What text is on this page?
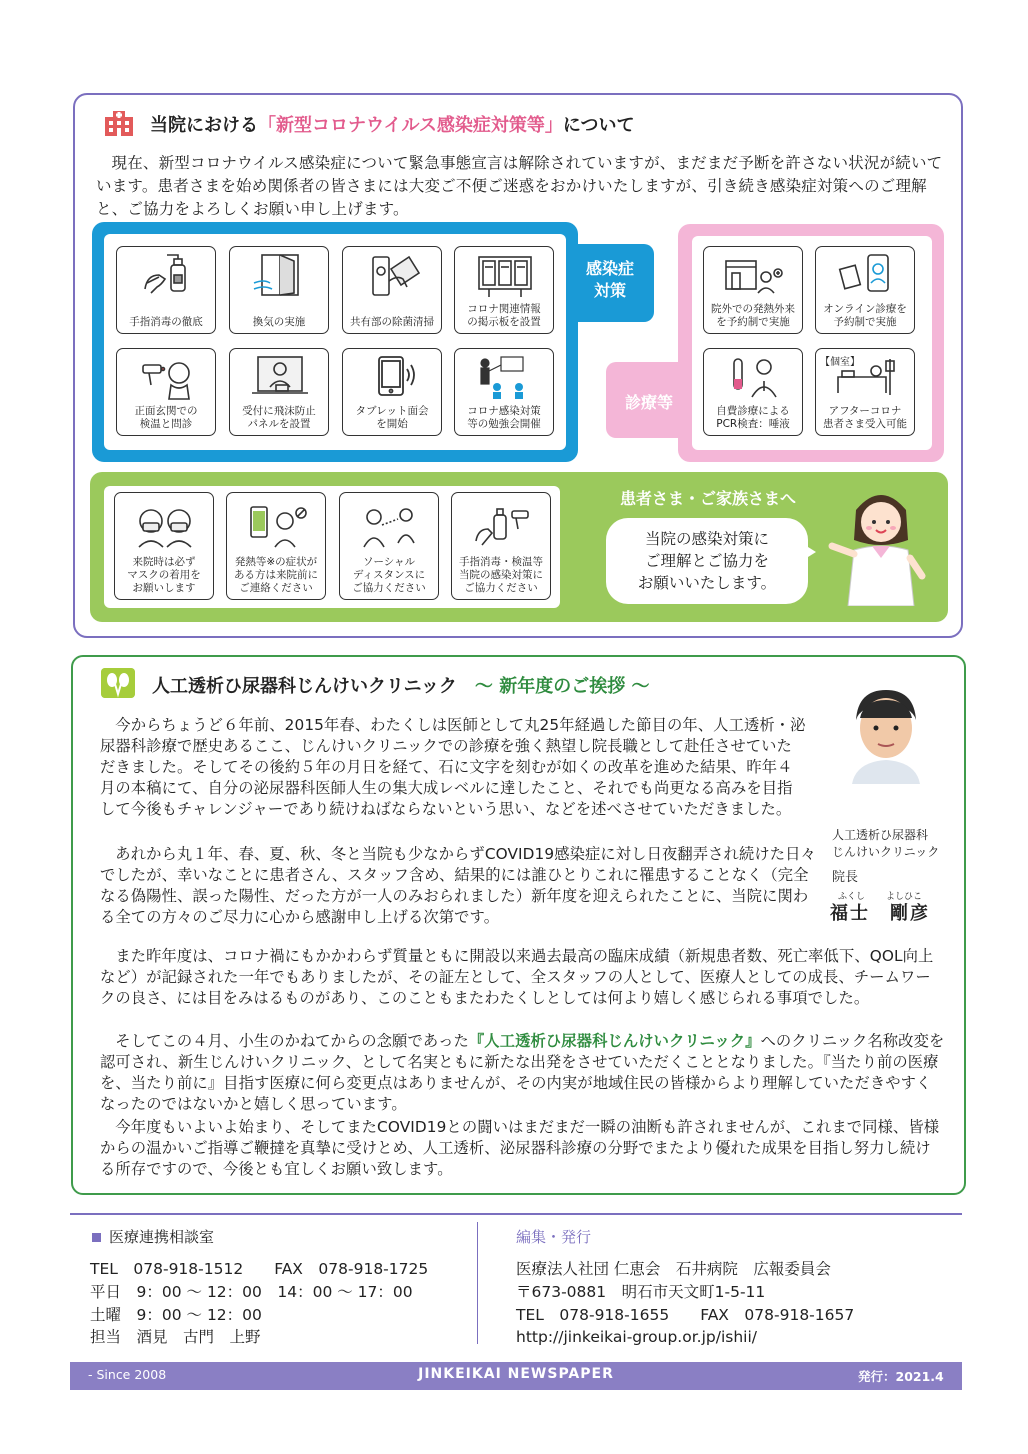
当院における「新型コロナウイルス感染症対策等」について
現在、新型コロナウイルス感染症について緊急事態宣言は解除されていますが、まだまだ予断を許さない状況が続いています。患者さまを始め関係者の皆さまには大変ご不便ご迷惑をおかけいたしますが、引き続き感染症対策へのご理解と、ご協力をよろしくお願い申し上げます。
感染症
対策
手指消毒の徹底	換気の実施	共有部の除菌清掃
コロナ関連情報
の掲示板を設置
正面玄関での
検温と問診
受付に飛沫防止
パネルを設置
タブレット面会
を開始
コロナ感染対策
等の勉強会開催
診療等
院外での発熱外来
を予約制で実施
オンライン診療を
予約制で実施
自費診療による
PCR検査：唾液
【個室】
アフターコロナ
患者さま受入可能
患者さま・ご家族さまへ
来院時は必ず
マスクの着用を
お願いします
発熱等※の症状が
ある方は来院前に
ご連絡ください
ソーシャル
ディスタンスに
ご協力ください
手指消毒・検温等
当院の感染対策に
ご協力ください
当院の感染対策に
ご理解とご協力を
お願いいたします。
人工透析ひ尿器科じんけいクリニック ～ 新年度のご挨拶 ～
人工透析ひ尿器科
じんけいクリニック
院長
ふくし よしひこ
福士　剛彦
今からちょうど６年前、2015年春、わたくしは医師として丸25年経過した節目の年、人工透析・泌尿器科診療で歴史あるここ、じんけいクリニックでの診療を強く熱望し院長職として赴任させていただきました。そしてその後約５年の月日を経て、石に文字を刻むが如くの改革を進めた結果、昨年４月の本稿にて、自分の泌尿器科医師人生の集大成レベルに達したこと、それでも尚更なる高みを目指して今後もチャレンジャーであり続けねばならないという思い、などを述べさせていただきました。
あれから丸１年、春、夏、秋、冬と当院も少なからずCOVID19感染症に対し日夜翻弄され続けた日々でしたが、幸いなことに患者さん、スタッフ含め、結果的には誰ひとりこれに罹患することなく（完全なる偽陽性、誤った陽性、だった方が一人のみおられました）新年度を迎えられたことに、当院に関わる全ての方々のご尽力に心から感謝申し上げる次第です。
また昨年度は、コロナ禍にもかかわらず質量ともに開設以来過去最高の臨床成績（新規患者数、死亡率低下、QOL向上など）が記録された一年でもありましたが、その証左として、全スタッフの人として、医療人としての成長、チームワークの良さ、には目をみはるものがあり、このこともまたわたくしとしては何より嬉しく感じられる事項でした。
そしてこの４月、小生のかねてからの念願であった『人工透析ひ尿器科じんけいクリニック』へのクリニック名称改変を認可され、新生じんけいクリニック、として名実ともに新たな出発をさせていただくこととなりました。『当たり前の医療を、当たり前に』目指す医療に何ら変更点はありませんが、その内実が地域住民の皆様からより理解していただきやすくなったのではないかと嬉しく思っています。
今年度もいよいよ始まり、そしてまたCOVID19との闘いはまだまだ一瞬の油断も許されませんが、これまで同様、皆様からの温かいご指導ご鞭撻を真摯に受けとめ、人工透析、泌尿器科診療の分野でまたより優れた成果を目指し努力し続ける所存ですので、今後とも宜しくお願い致します。
医療連携相談室
TEL　078-918-1512　　FAX　078-918-1725
平日　9：00 ～ 12：00　14：00 ～ 17：00
土曜　9：00 ～ 12：00
担当　酒見　古門　上野
編集・発行
医療法人社団 仁恵会　石井病院　広報委員会
〒673-0881　明石市天文町1-5-11
TEL　078-918-1655　　FAX　078-918-1657
http://jinkeikai-group.or.jp/ishii/
- Since 2008	JINKEIKAI NEWSPAPER	発行：2021.4
